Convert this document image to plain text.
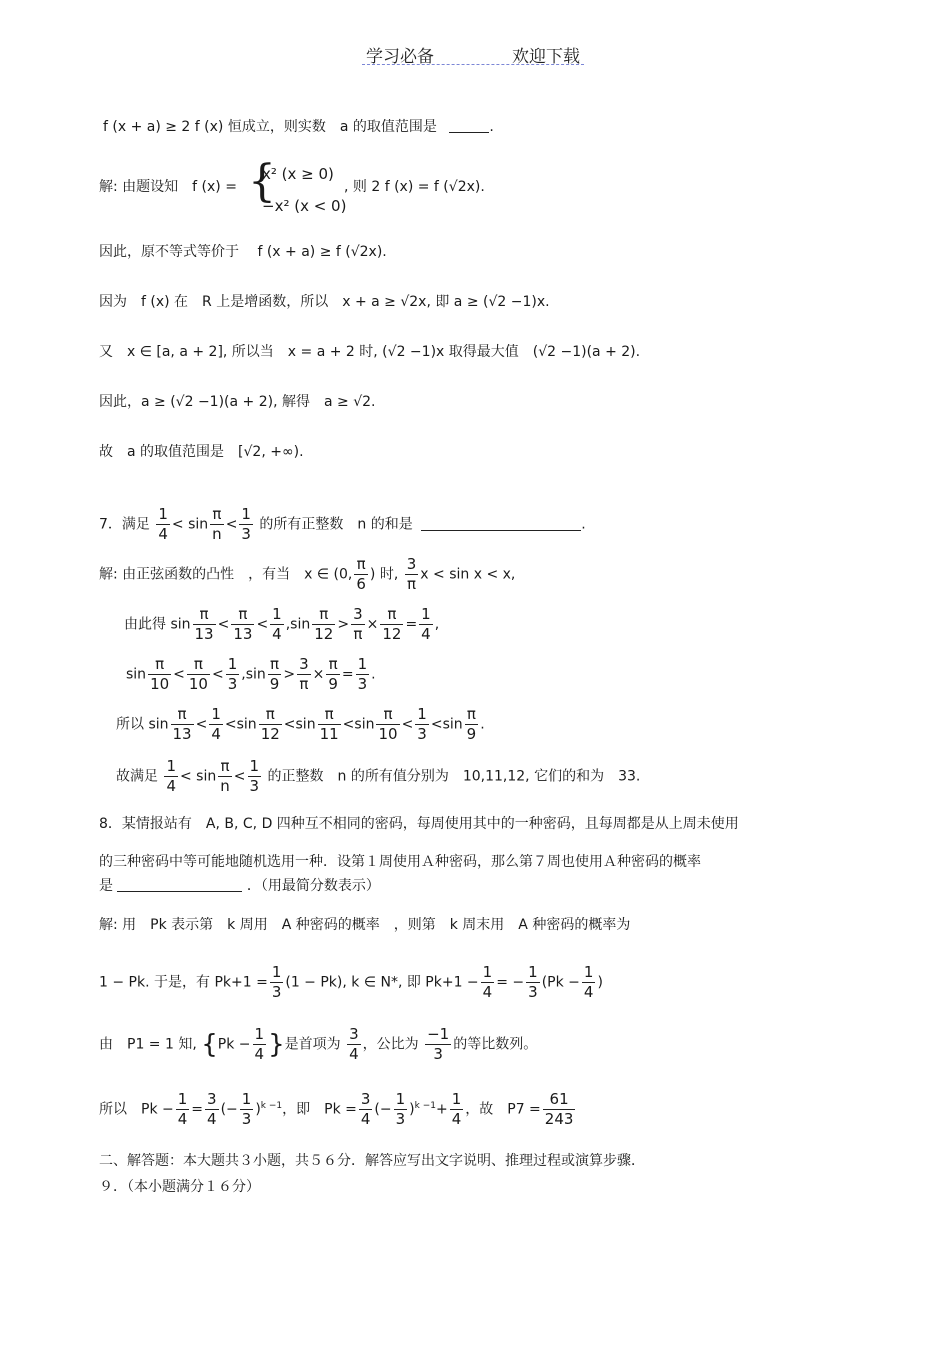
学习必备	欢迎下载
f (x + a) ≥ 2 f (x) 恒成立，则实数　a 的取值范围是	.
解: 由题设知　f (x) = {
x² (x ≥ 0)
−x² (x < 0)
, 则 2 f (x) = f (√2x).
因此，原不等式等价于　 f (x + a) ≥ f (√2x).
因为　f (x) 在　R 上是增函数，所以　x + a ≥ √2x, 即 a ≥ (√2 −1)x.
又　x ∈ [a, a + 2], 所以当　x = a + 2 时, (√2 −1)x 取得最大值　(√2 −1)(a + 2).
因此，a ≥ (√2 −1)(a + 2), 解得　a ≥ √2.
故　a 的取值范围是　[√2, +∞).
7．满足 $\frac{1}{4} < \sin \frac{\pi}{n} < \frac{1}{3}$ 的所有正整数　n 的和是	.
解: 由正弦函数的凸性　，有当　x ∈ (0, $\frac{\pi}{6}$ ) 时, $\frac{3}{\pi}$ x < sin x < x,
由此得 $\sin \frac{\pi}{13} < \frac{\pi}{13} < \frac{1}{4} ,\sin \frac{\pi}{12} > \frac{3}{\pi} \times \frac{\pi}{12} = \frac{1}{4}$ ,
$\sin \frac{\pi}{10} < \frac{\pi}{10} < \frac{1}{3} ,\sin \frac{\pi}{9} > \frac{3}{\pi} \times \frac{\pi}{9} = \frac{1}{3}$ .
所以 $\sin \frac{\pi}{13} < \frac{1}{4} <\sin \frac{\pi}{12} <\sin \frac{\pi}{11} <\sin \frac{\pi}{10} < \frac{1}{3} <\sin \frac{\pi}{9}$ .
故满足 $\frac{1}{4} < \sin \frac{\pi}{n} < \frac{1}{3}$ 的正整数　n 的所有值分别为　10,11,12, 它们的和为　33.
8．某情报站有　A, B, C, D 四种互不相同的密码，每周使用其中的一种密码，且每周都是从上周未使用
的三种密码中等可能地随机选用一种．设第１周使用Ａ种密码，那么第７周也使用Ａ种密码的概率
是	．（用最简分数表示）
解: 用　Pk 表示第　k 周用　A 种密码的概率　，则第　k 周末用　A 种密码的概率为
1 − Pk. 于是，有 $Pk+1 = \frac{1}{3} (1 - Pk)$, k ∈ N*, 即 $Pk+1 - \frac{1}{4}$ = − $\frac{1}{3} (Pk - \frac{1}{4}$ )
由　P1 = 1 知, {$Pk - \frac{1}{4}$ }是首项为 $\frac{3}{4}$ ，公比为 $\frac{-1}{3}$ 的等比数列。
所以　$Pk - \frac{1}{4} = \frac{3}{4}$ (− $\frac{1}{3} )^{k -1}$，即　$Pk = \frac{3}{4}$ (− $\frac{1}{3} )^{k -1}+ \frac{1}{4}$ ，故　$P7 = \frac{61}{243}$
二、解答题：本大题共３小题，共５６分．解答应写出文字说明、推理过程或演算步骤．
９．（本小题满分１６分）
